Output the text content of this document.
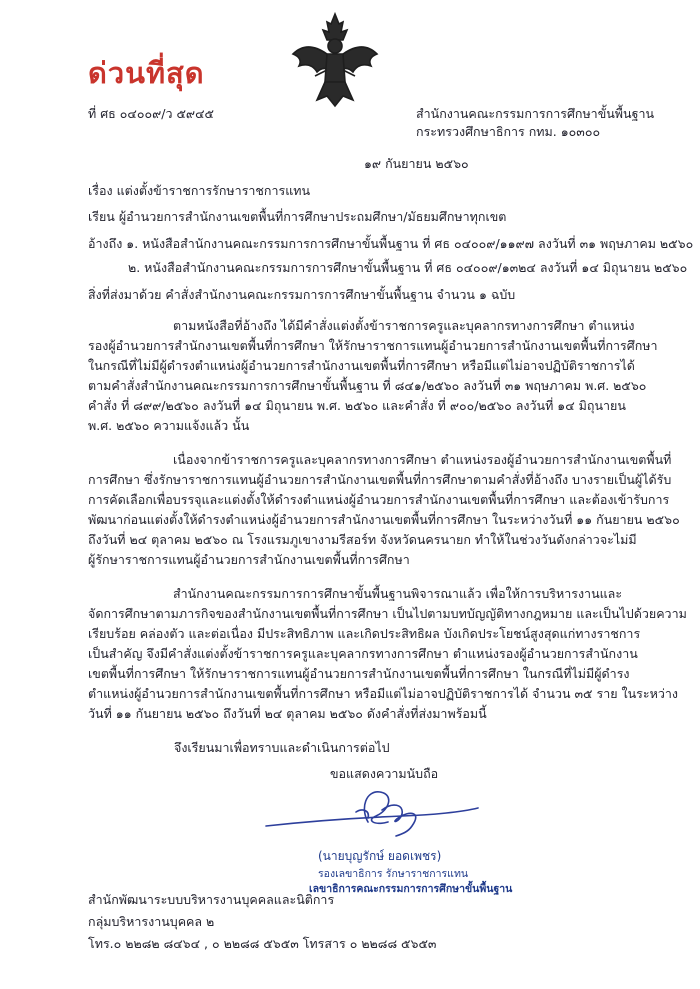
ด่วนที่สุด
ที่ ศธ ๐๔๐๐๙/ว ๕๙๔๕	สำนักงานคณะกรรมการการศึกษาขั้นพื้นฐาน
กระทรวงศึกษาธิการ กทม. ๑๐๓๐๐
๑๙ กันยายน ๒๕๖๐
เรื่อง แต่งตั้งข้าราชการรักษาราชการแทน
เรียน ผู้อำนวยการสำนักงานเขตพื้นที่การศึกษาประถมศึกษา/มัธยมศึกษาทุกเขต
อ้างถึง ๑. หนังสือสำนักงานคณะกรรมการการศึกษาขั้นพื้นฐาน ที่ ศธ ๐๔๐๐๙/๑๑๙๗ ลงวันที่ ๓๑ พฤษภาคม ๒๕๖๐
๒. หนังสือสำนักงานคณะกรรมการการศึกษาขั้นพื้นฐาน ที่ ศธ ๐๔๐๐๙/๑๓๒๔ ลงวันที่ ๑๔ มิถุนายน ๒๕๖๐
สิ่งที่ส่งมาด้วย คำสั่งสำนักงานคณะกรรมการการศึกษาขั้นพื้นฐาน จำนวน ๑ ฉบับ
ตามหนังสือที่อ้างถึง ได้มีคำสั่งแต่งตั้งข้าราชการครูและบุคลากรทางการศึกษา ตำแหน่ง
รองผู้อำนวยการสำนักงานเขตพื้นที่การศึกษา ให้รักษาราชการแทนผู้อำนวยการสำนักงานเขตพื้นที่การศึกษา
ในกรณีที่ไม่มีผู้ดำรงตำแหน่งผู้อำนวยการสำนักงานเขตพื้นที่การศึกษา หรือมีแต่ไม่อาจปฏิบัติราชการได้
ตามคำสั่งสำนักงานคณะกรรมการการศึกษาขั้นพื้นฐาน ที่ ๘๔๑/๒๕๖๐ ลงวันที่ ๓๑ พฤษภาคม พ.ศ. ๒๕๖๐
คำสั่ง ที่ ๘๙๙/๒๕๖๐ ลงวันที่ ๑๔ มิถุนายน พ.ศ. ๒๕๖๐ และคำสั่ง ที่ ๙๐๐/๒๕๖๐ ลงวันที่ ๑๔ มิถุนายน
พ.ศ. ๒๕๖๐ ความแจ้งแล้ว นั้น
เนื่องจากข้าราชการครูและบุคลากรทางการศึกษา ตำแหน่งรองผู้อำนวยการสำนักงานเขตพื้นที่
การศึกษา ซึ่งรักษาราชการแทนผู้อำนวยการสำนักงานเขตพื้นที่การศึกษาตามคำสั่งที่อ้างถึง บางรายเป็นผู้ได้รับ
การคัดเลือกเพื่อบรรจุและแต่งตั้งให้ดำรงตำแหน่งผู้อำนวยการสำนักงานเขตพื้นที่การศึกษา และต้องเข้ารับการ
พัฒนาก่อนแต่งตั้งให้ดำรงตำแหน่งผู้อำนวยการสำนักงานเขตพื้นที่การศึกษา ในระหว่างวันที่ ๑๑ กันยายน ๒๕๖๐
ถึงวันที่ ๒๔ ตุลาคม ๒๕๖๐ ณ โรงแรมภูเขางามรีสอร์ท จังหวัดนครนายก ทำให้ในช่วงวันดังกล่าวจะไม่มี
ผู้รักษาราชการแทนผู้อำนวยการสำนักงานเขตพื้นที่การศึกษา
สำนักงานคณะกรรมการการศึกษาขั้นพื้นฐานพิจารณาแล้ว เพื่อให้การบริหารงานและ
จัดการศึกษาตามภารกิจของสำนักงานเขตพื้นที่การศึกษา เป็นไปตามบทบัญญัติทางกฎหมาย และเป็นไปด้วยความ
เรียบร้อย คล่องตัว และต่อเนื่อง มีประสิทธิภาพ และเกิดประสิทธิผล บังเกิดประโยชน์สูงสุดแก่ทางราชการ
เป็นสำคัญ จึงมีคำสั่งแต่งตั้งข้าราชการครูและบุคลากรทางการศึกษา ตำแหน่งรองผู้อำนวยการสำนักงาน
เขตพื้นที่การศึกษา ให้รักษาราชการแทนผู้อำนวยการสำนักงานเขตพื้นที่การศึกษา ในกรณีที่ไม่มีผู้ดำรง
ตำแหน่งผู้อำนวยการสำนักงานเขตพื้นที่การศึกษา หรือมีแต่ไม่อาจปฏิบัติราชการได้ จำนวน ๓๕ ราย ในระหว่าง
วันที่ ๑๑ กันยายน ๒๕๖๐ ถึงวันที่ ๒๔ ตุลาคม ๒๕๖๐ ดังคำสั่งที่ส่งมาพร้อมนี้
จึงเรียนมาเพื่อทราบและดำเนินการต่อไป
ขอแสดงความนับถือ
(นายบุญรักษ์ ยอดเพชร)
รองเลขาธิการ รักษาราชการแทน
เลขาธิการคณะกรรมการการศึกษาขั้นพื้นฐาน
สำนักพัฒนาระบบบริหารงานบุคคลและนิติการ
กลุ่มบริหารงานบุคคล ๒
โทร.๐ ๒๒๘๒ ๘๔๖๔ , ๐ ๒๒๘๘ ๕๖๕๓ โทรสาร ๐ ๒๒๘๘ ๕๖๕๓
